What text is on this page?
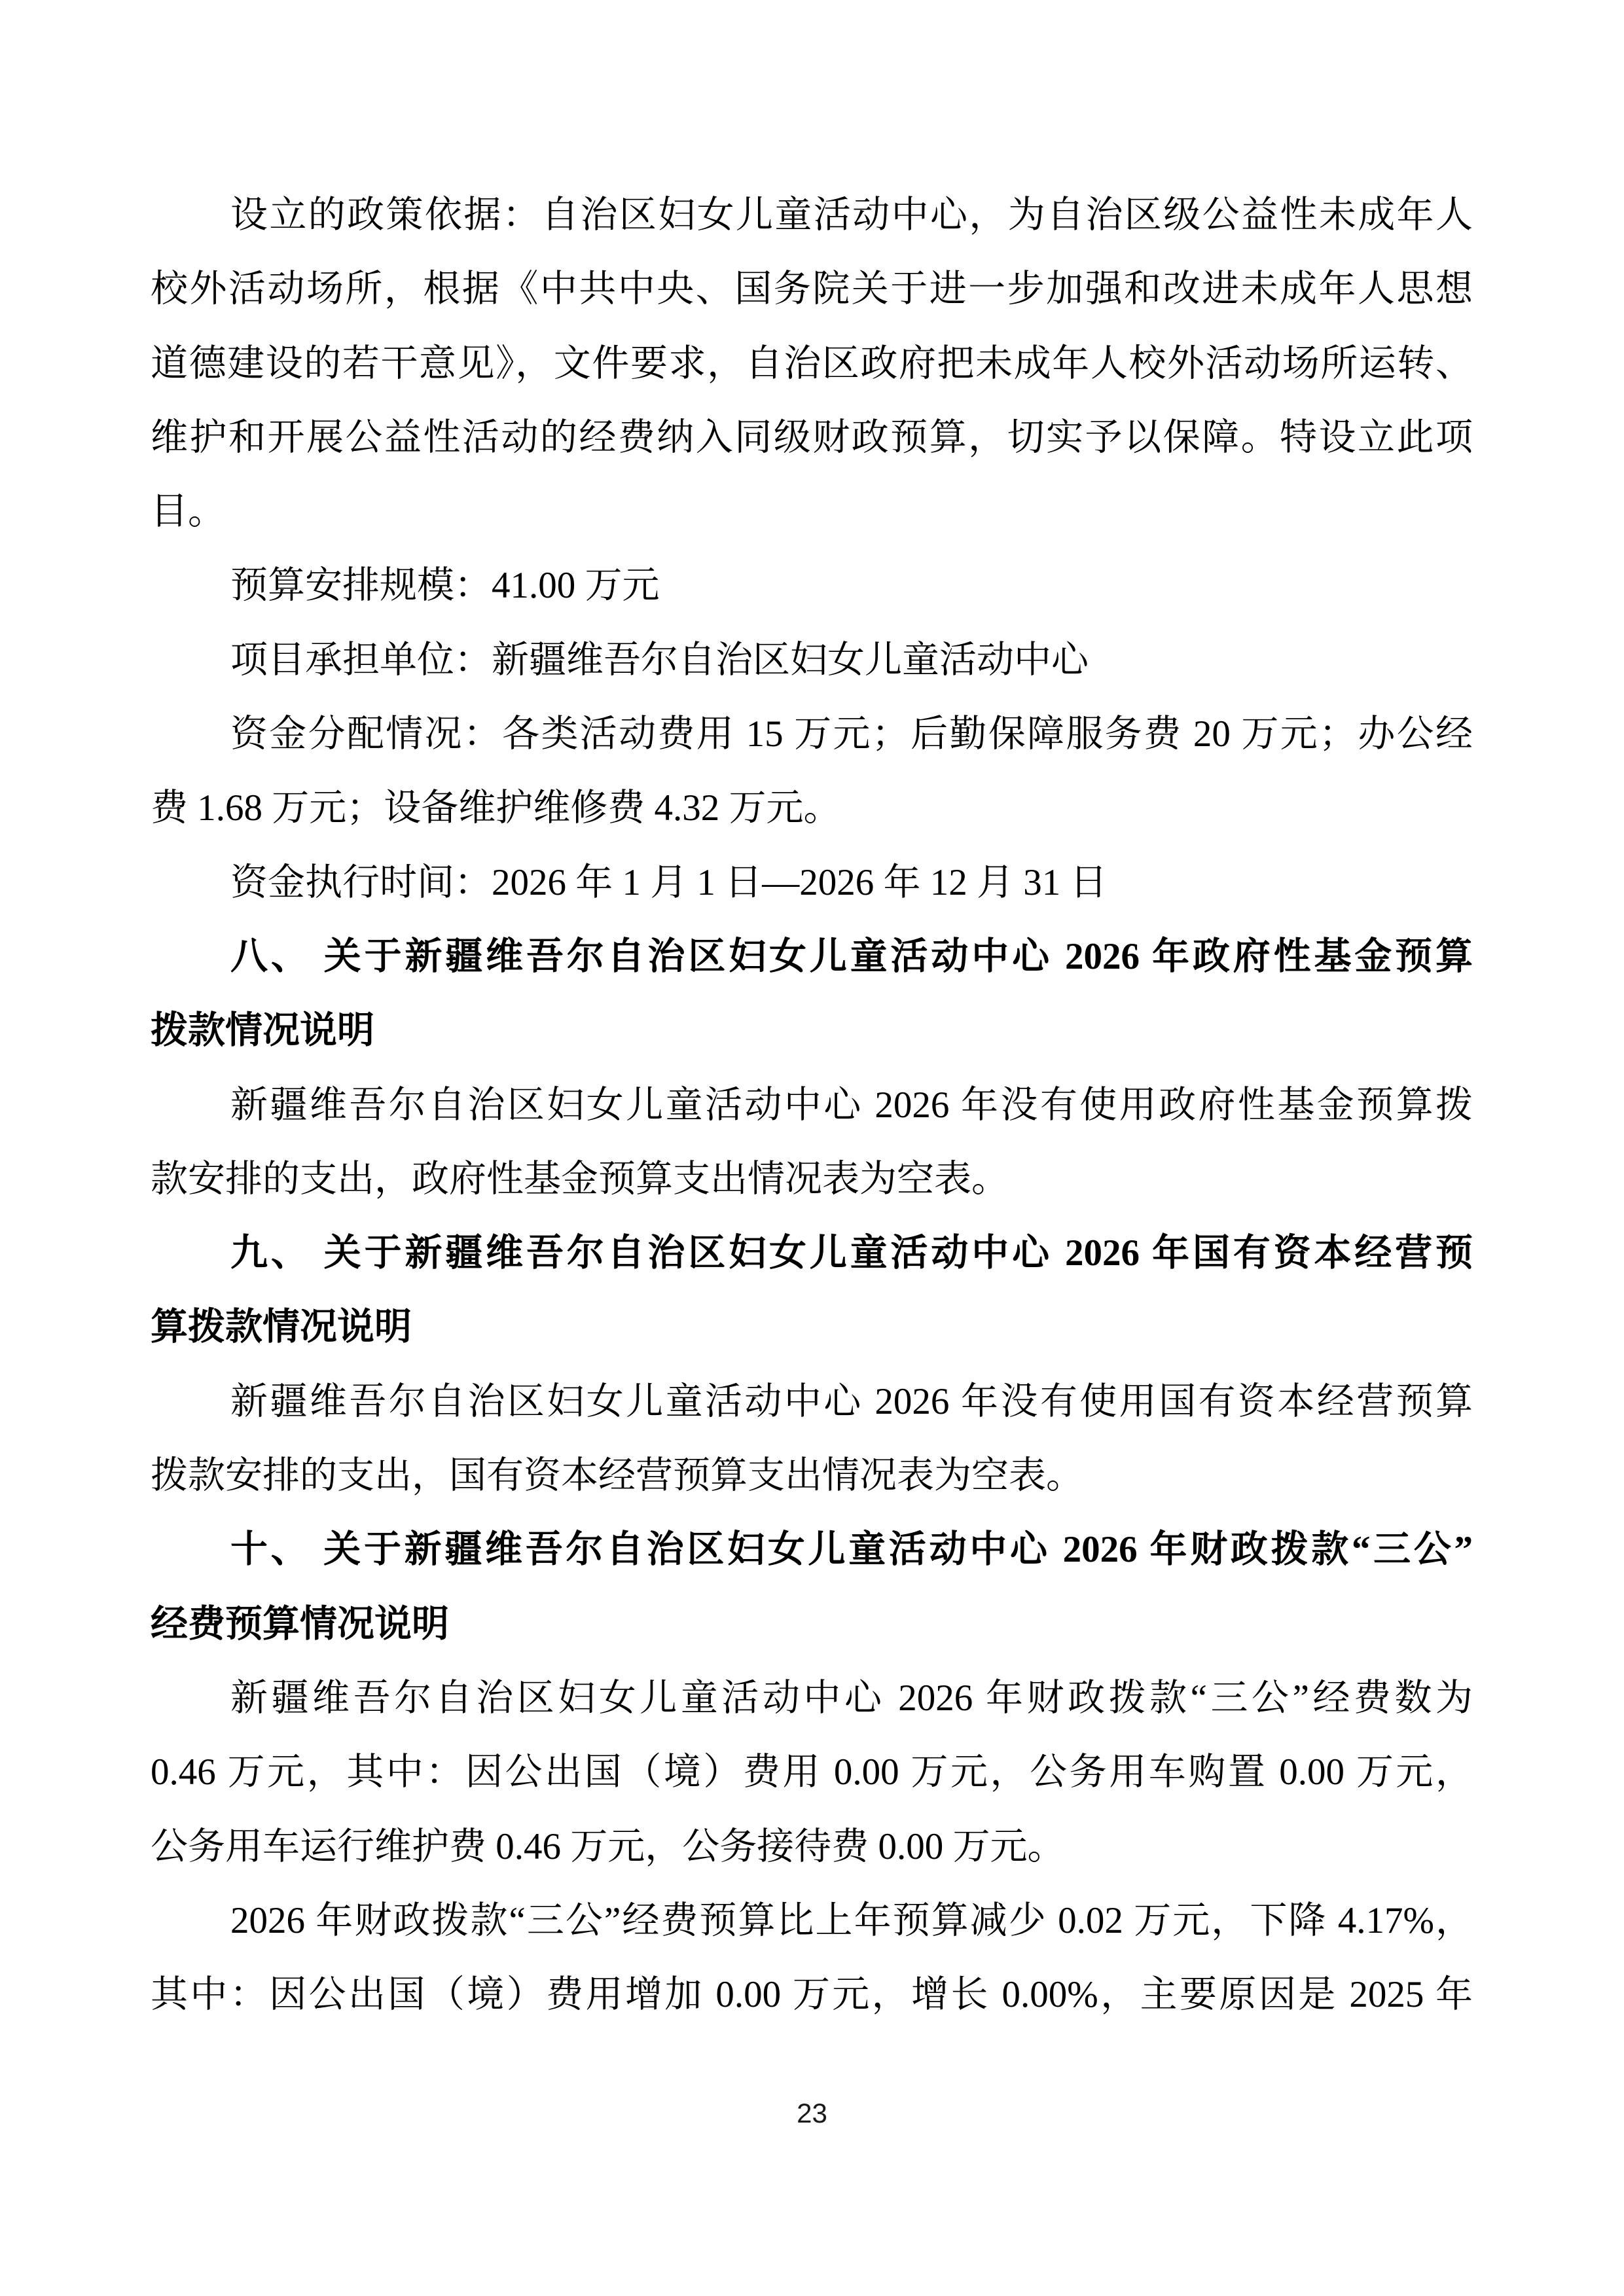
设立的政策依据：自治区妇女儿童活动中心，为自治区级公益性未成年人
校外活动场所，根据《中共中央、国务院关于进一步加强和改进未成年人思想
道德建设的若干意见》，文件要求，自治区政府把未成年人校外活动场所运转、
维护和开展公益性活动的经费纳入同级财政预算，切实予以保障。特设立此项
目。
预算安排规模：41.00 万元
项目承担单位：新疆维吾尔自治区妇女儿童活动中心
资金分配情况：各类活动费用 15 万元；后勤保障服务费 20 万元；办公经
费 1.68 万元；设备维护维修费 4.32 万元。
资金执行时间：2026 年 1 月 1 日—2026 年 12 月 31 日
八、 关于新疆维吾尔自治区妇女儿童活动中心 2026 年政府性基金预算
拨款情况说明
新疆维吾尔自治区妇女儿童活动中心 2026 年没有使用政府性基金预算拨
款安排的支出，政府性基金预算支出情况表为空表。
九、 关于新疆维吾尔自治区妇女儿童活动中心 2026 年国有资本经营预
算拨款情况说明
新疆维吾尔自治区妇女儿童活动中心 2026 年没有使用国有资本经营预算
拨款安排的支出，国有资本经营预算支出情况表为空表。
十、 关于新疆维吾尔自治区妇女儿童活动中心 2026 年财政拨款“三公”
经费预算情况说明
新疆维吾尔自治区妇女儿童活动中心 2026 年财政拨款“三公”经费数为
0.46 万元，其中：因公出国（境）费用 0.00 万元，公务用车购置 0.00 万元，
公务用车运行维护费 0.46 万元，公务接待费 0.00 万元。
2026 年财政拨款“三公”经费预算比上年预算减少 0.02 万元，下降 4.17%，
其中：因公出国（境）费用增加 0.00 万元，增长 0.00%，主要原因是 2025 年
23
